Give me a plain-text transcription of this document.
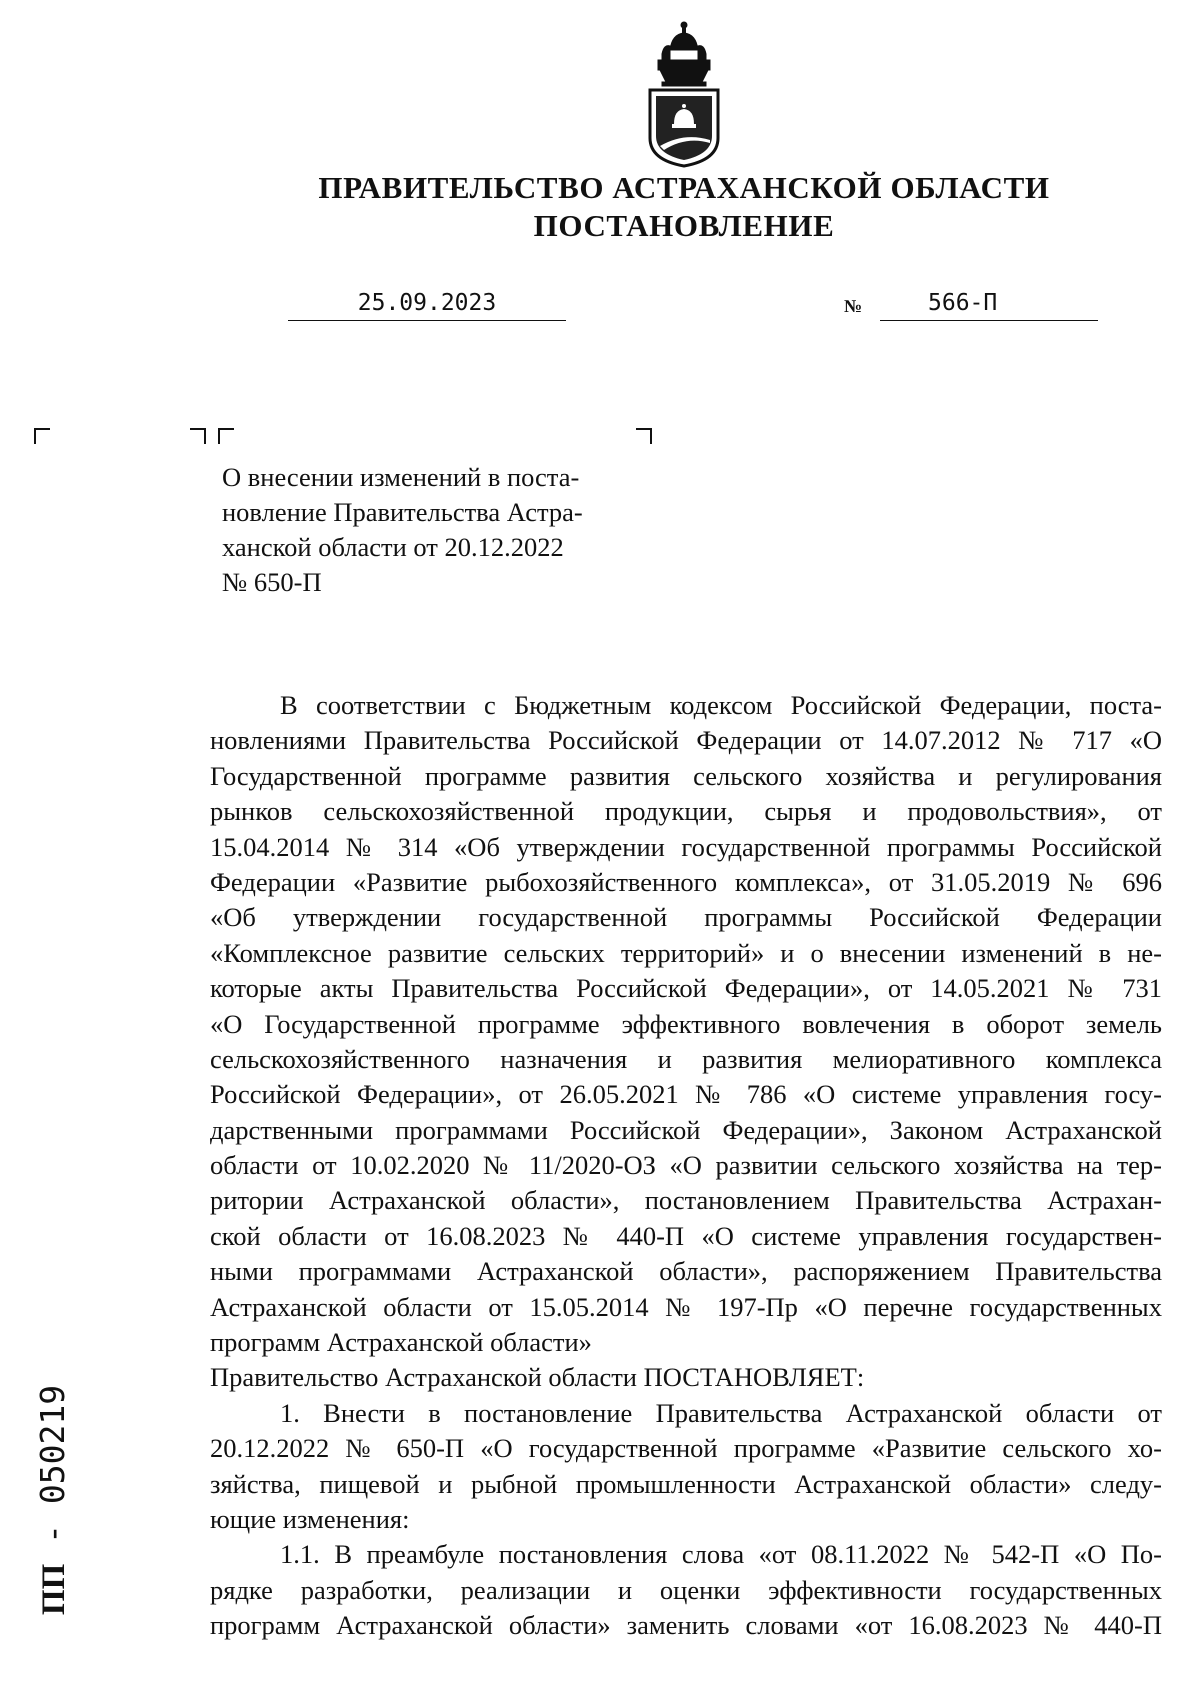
ПРАВИТЕЛЬСТВО АСТРАХАНСКОЙ ОБЛАСТИ
ПОСТАНОВЛЕНИЕ
25.09.2023	№	566-П
О внесении изменений в поста-
новление Правительства Астра-
ханской области от 20.12.2022
№ 650-П
В соответствии с Бюджетным кодексом Российской Федерации, поста-
новлениями Правительства Российской Федерации от 14.07.2012 № 717 «О
Государственной программе развития сельского хозяйства и регулирования
рынков сельскохозяйственной продукции, сырья и продовольствия», от
15.04.2014 № 314 «Об утверждении государственной программы Российской
Федерации «Развитие рыбохозяйственного комплекса», от 31.05.2019 № 696
«Об утверждении государственной программы Российской Федерации
«Комплексное развитие сельских территорий» и о внесении изменений в не-
которые акты Правительства Российской Федерации», от 14.05.2021 № 731
«О Государственной программе эффективного вовлечения в оборот земель
сельскохозяйственного назначения и развития мелиоративного комплекса
Российской Федерации», от 26.05.2021 № 786 «О системе управления госу-
дарственными программами Российской Федерации», Законом Астраханской
области от 10.02.2020 № 11/2020-ОЗ «О развитии сельского хозяйства на тер-
ритории Астраханской области», постановлением Правительства Астрахан-
ской области от 16.08.2023 № 440-П «О системе управления государствен-
ными программами Астраханской области», распоряжением Правительства
Астраханской области от 15.05.2014 № 197-Пр «О перечне государственных
программ Астраханской области»
Правительство Астраханской области ПОСТАНОВЛЯЕТ:
1. Внести в постановление Правительства Астраханской области от
20.12.2022 № 650-П «О государственной программе «Развитие сельского хо-
зяйства, пищевой и рыбной промышленности Астраханской области» следу-
ющие изменения:
1.1. В преамбуле постановления слова «от 08.11.2022 № 542-П «О По-
рядке разработки, реализации и оценки эффективности государственных
программ Астраханской области» заменить словами «от 16.08.2023 № 440-П
ПП - 050219
